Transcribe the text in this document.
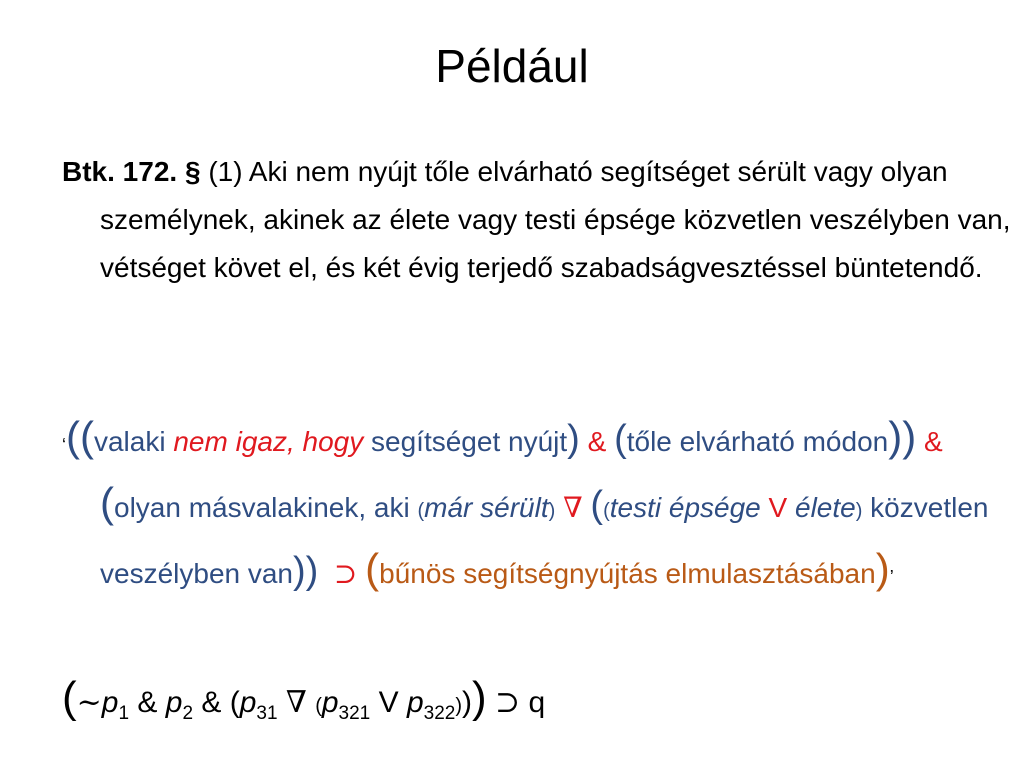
Például
Btk. 172. § (1) Aki nem nyújt tőle elvárható segítséget sérült vagy olyan személynek, akinek az élete vagy testi épsége közvetlen veszélyben van, vétséget követ el, és két évig terjedő szabadságvesztéssel büntetendő.
‘((valaki nem igaz, hogy segítséget nyújt) & (tőle elvárható módon)) & (olyan másvalakinek, aki (már sérült) ∇ ((testi épsége V élete) közvetlen veszélyben van)) ⊃ (bűnös segítségnyújtás elmulasztásában)’
($\sim p_1$ & $p_2$ & ($p_{31}$ ∇ ($p_{321}$ V $p_{322}$))) ⊃ q
